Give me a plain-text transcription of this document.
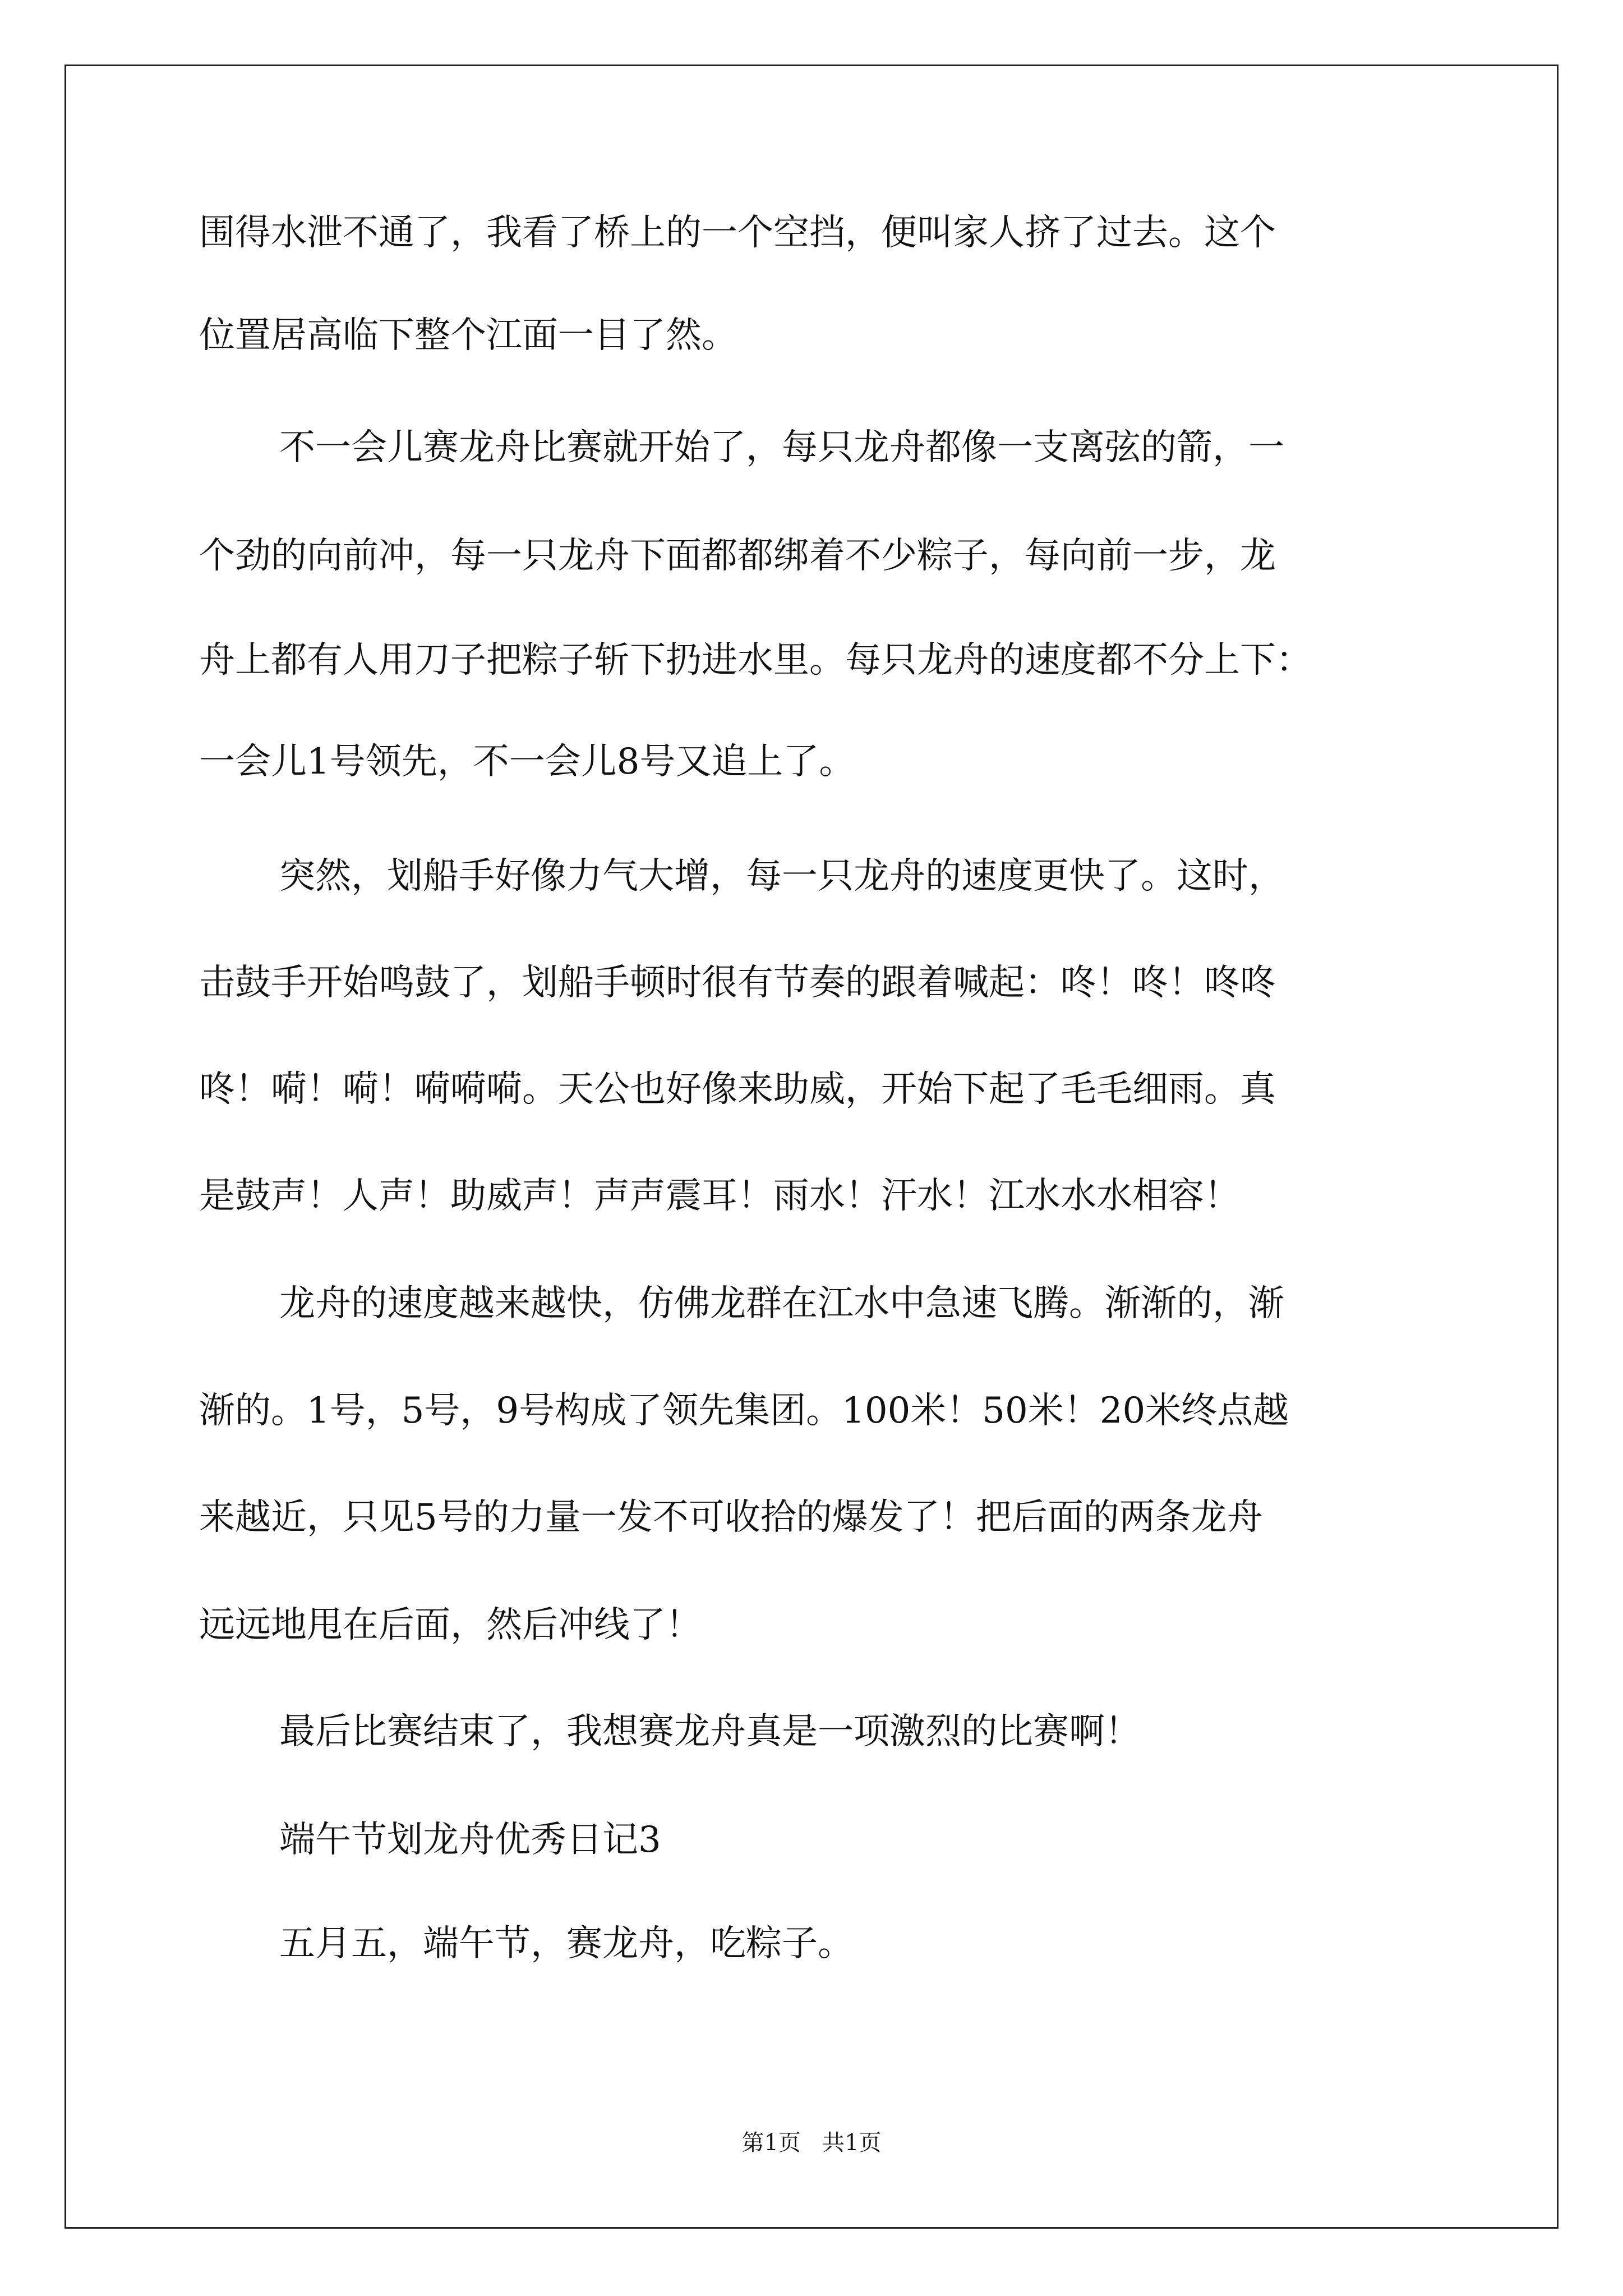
围得水泄不通了，我看了桥上的一个空挡，便叫家人挤了过去。这个

位置居高临下整个江面一目了然。

不一会儿赛龙舟比赛就开始了，每只龙舟都像一支离弦的箭，一

个劲的向前冲，每一只龙舟下面都都绑着不少粽子，每向前一步，龙

舟上都有人用刀子把粽子斩下扔进水里。每只龙舟的速度都不分上下：

一会儿1号领先，不一会儿8号又追上了。

突然，划船手好像力气大增，每一只龙舟的速度更快了。这时，

击鼓手开始鸣鼓了，划船手顿时很有节奏的跟着喊起：咚！咚！咚咚

咚！嗬！嗬！嗬嗬嗬。天公也好像来助威，开始下起了毛毛细雨。真

是鼓声！人声！助威声！声声震耳！雨水！汗水！江水水水相容！

龙舟的速度越来越快，仿佛龙群在江水中急速飞腾。渐渐的，渐

渐的。1号，5号，9号构成了领先集团。100米！50米！20米终点越

来越近，只见5号的力量一发不可收拾的爆发了！把后面的两条龙舟

远远地甩在后面，然后冲线了！

最后比赛结束了，我想赛龙舟真是一项激烈的比赛啊！

端午节划龙舟优秀日记3

五月五，端午节，赛龙舟，吃粽子。

第1页   共1页
